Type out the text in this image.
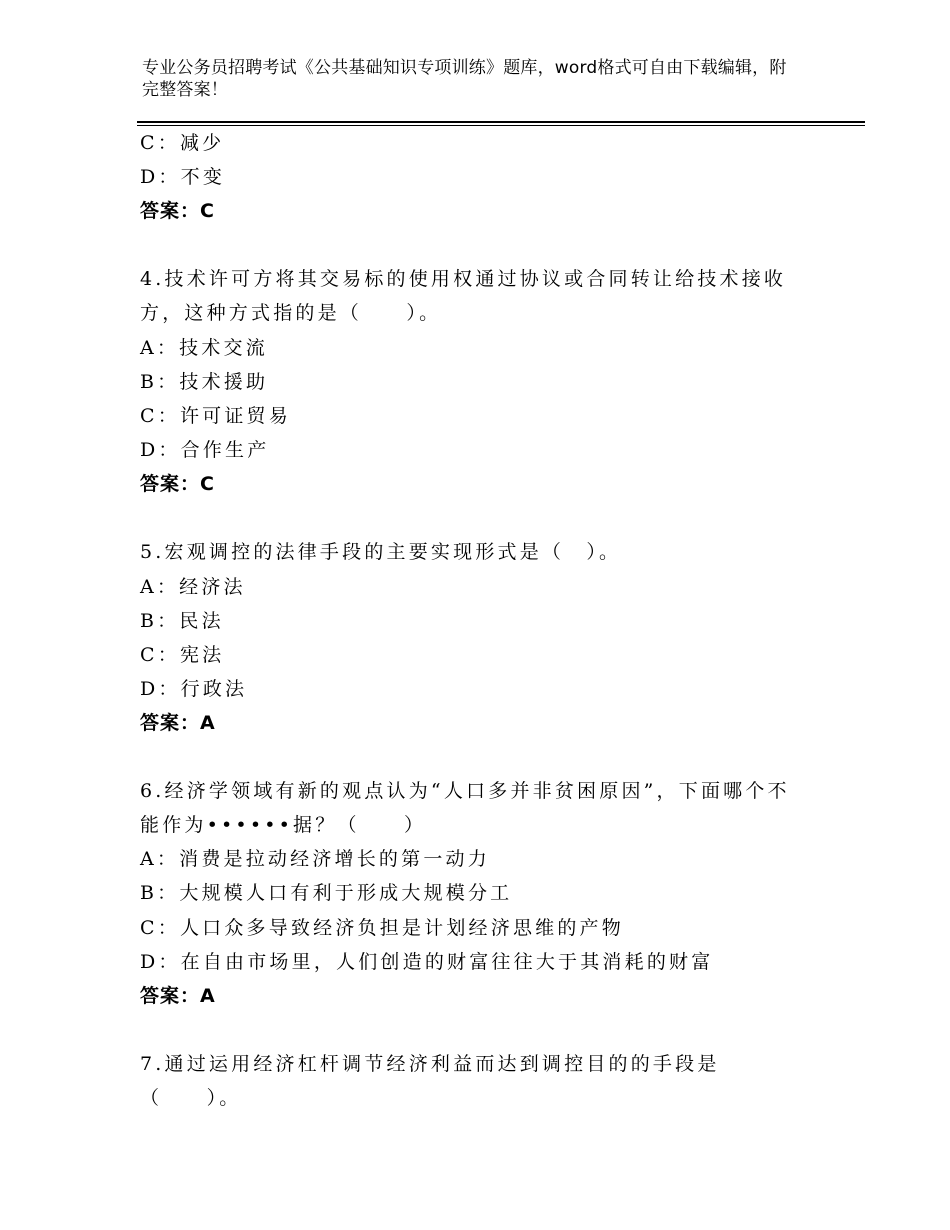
专业公务员招聘考试《公共基础知识专项训练》题库，word格式可自由下载编辑，附完整答案！
C：减少
D：不变
答案：C
4.技术许可方将其交易标的使用权通过协议或合同转让给技术接收
方，这种方式指的是（　　）。
A：技术交流
B：技术援助
C：许可证贸易
D：合作生产
答案：C
5.宏观调控的法律手段的主要实现形式是（　）。
A：经济法
B：民法
C：宪法
D：行政法
答案：A
6.经济学领域有新的观点认为“人口多并非贫困原因”，下面哪个不
能作为••••••据？（　　）
A：消费是拉动经济增长的第一动力
B：大规模人口有利于形成大规模分工
C：人口众多导致经济负担是计划经济思维的产物
D：在自由市场里，人们创造的财富往往大于其消耗的财富
答案：A
7.通过运用经济杠杆调节经济利益而达到调控目的的手段是
（　　）。
